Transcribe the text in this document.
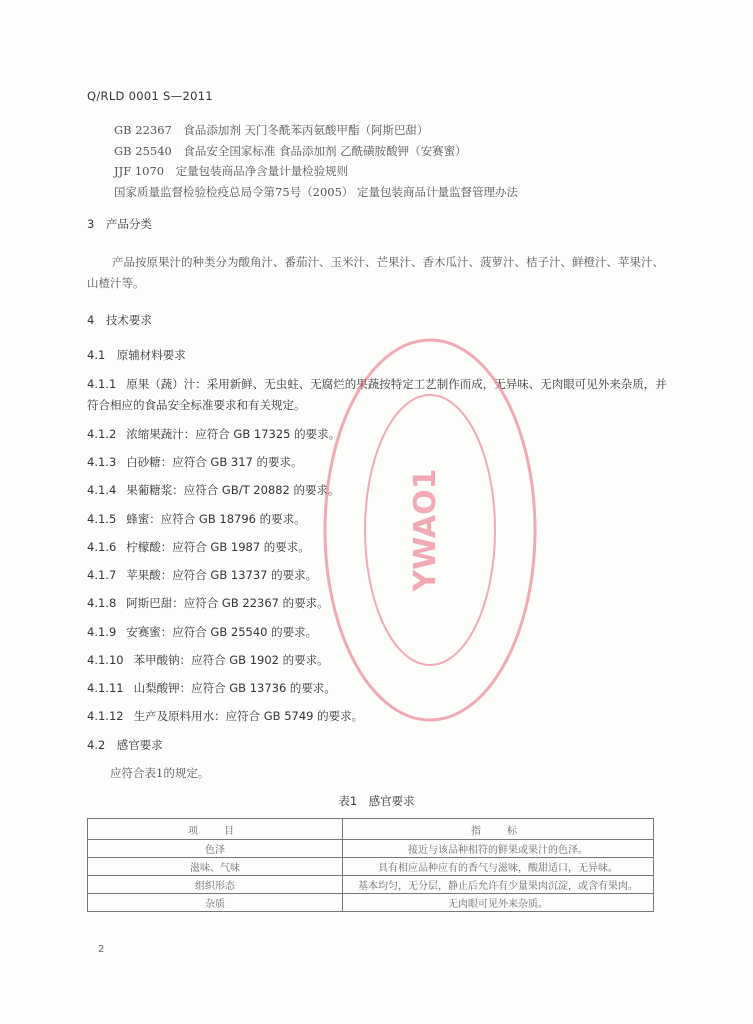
Q/RLD 0001 S—2011
GB 22367　食品添加剂 天门冬酰苯丙氨酸甲酯（阿斯巴甜）
GB 25540　食品安全国家标准 食品添加剂 乙酰磺胺酸钾（安赛蜜）
JJF 1070　定量包装商品净含量计量检验规则
国家质量监督检验检疫总局令第75号（2005） 定量包装商品计量监督管理办法
3　产品分类
产品按原果汁的种类分为酸角汁、番茄汁、玉米汁、芒果汁、香木瓜汁、菠萝汁、桔子汁、鲜橙汁、苹果汁、山楂汁等。
4　技术要求
4.1　原辅材料要求
4.1.1 原果（蔬）汁：采用新鲜、无虫蛀、无腐烂的果蔬按特定工艺制作而成，无异味、无肉眼可见外来杂质，并符合相应的食品安全标准要求和有关规定。
4.1.2 浓缩果蔬汁：应符合 GB 17325 的要求。
4.1.3 白砂糖：应符合 GB 317 的要求。
4.1.4 果葡糖浆：应符合 GB/T 20882 的要求。
4.1.5 蜂蜜：应符合 GB 18796 的要求。
4.1.6 柠檬酸：应符合 GB 1987 的要求。
4.1.7 苹果酸：应符合 GB 13737 的要求。
4.1.8 阿斯巴甜：应符合 GB 22367 的要求。
4.1.9 安赛蜜：应符合 GB 25540 的要求。
4.1.10 苯甲酸钠：应符合 GB 1902 的要求。
4.1.11 山梨酸钾：应符合 GB 13736 的要求。
4.1.12 生产及原料用水：应符合 GB 5749 的要求。
4.2　感官要求
应符合表1的规定。
表1　感官要求
项　目	指　标
色泽	接近与该品种相符的鲜果或果汁的色泽。
滋味、气味	具有相应品种应有的香气与滋味，酸甜适口，无异味。
组织形态	基本均匀，无分层，静止后允许有少量果肉沉淀，或含有果肉。
杂质	无肉眼可见外来杂质。
2
YWAO1
